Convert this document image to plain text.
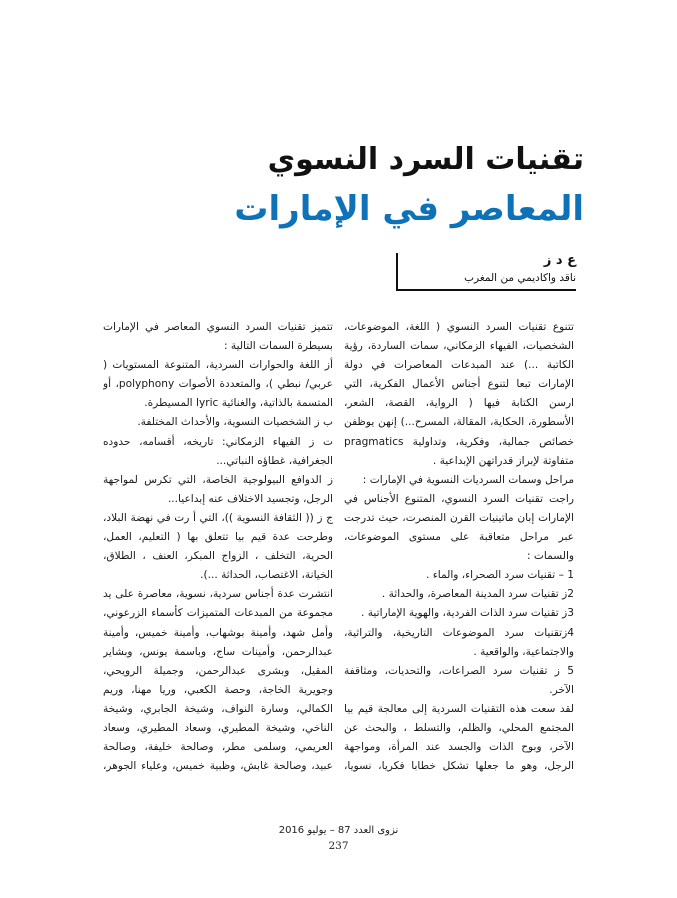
تقنيات السرد النسوي
المعاصر في الإمارات
ع د ز
ناقد واكاديمي من المغرب

تتنوع تقنيات السرد النسوي ( اللغة، الموضوعات، الشخصيات، الفيهاء الزمكاني، سمات الساردة، رؤية الكاتبة ...) عند المبدعات المعاصرات في دولة الإمارات تبعا لتنوع أجناس الأعمال الفكرية، التي ارسن الكتابة فيها ( الرواية، القصة، الشعر، الأسطورة، الحكاية، المقالة، المسرح...) إنهن يوظفن خصائص جمالية، وفكرية، وتداولية pragmatics متفاوتة لإبراز قدراتهن الإبداعية .

مراحل وسمات السرديات النسوية في الإمارات :

راجت تقنيات السرد النسوي، المتنوع الأجناس في الإمارات إبان ماتينيات القرن المنصرت، حيث تدرجت عبر مراحل متعاقبة على مستوى الموضوعات، والسمات :

1 – تقنيات سرد الصحراء، والماء .

2ز تقنيات سرد المدينة المعاصرة، والحداثة .

3ز تقنيات سرد الذات الفردية، والهوية الإماراتية .

4زتقنيات سرد الموضوعات التاريخية، والتراثية، والاجتماعية، والواقعية .

5 ز تقنيات سرد الصراعات، والتحديات، ومثاقفة الآخر.

لقد سعت هذه التقنيات السردية إلى معالجة قيم بيا المجتمع المحلي، والظلم، والتسلط ، والبحث عن الآخر، وبوح الذات والجسد عند المرأة، ومواجهة الرجل، وهو ما جعلها تشكل خطابا فكريا، نسويا،

تتميز تقنيات السرد النسوي المعاصر في الإمارات بسيطرة السمات التالية :

أز اللغة والحوارات السردية، المتنوعة المستويات ( عربي/ نبطي )، والمتعددة الأصوات polyphony، أو المتسمة بالذاتية، والغنائية lyric المسيطرة.

ب ز الشخصيات النسوية، والأحداث المختلفة.

ت ز الفيهاء الزمكاني: تاريخه، أقسامه، حدوده الجغرافية، غطاؤه النباتي...

ز الدوافع البيولوجية الخاصة، التي تكرس لمواجهة الرجل، وتجسيد الاختلاف عنه إبداعيا...

ج ز (( الثقافة النسوية ))، التي أ رت في نهضة البلاد، وطرحت عدة قيم بيا تتعلق بها ( التعليم، العمل، الحرية، التخلف ، الزواج المبكر، العنف ، الطلاق، الخيانة، الاغتصاب، الحداثة ...).

انتشرت عدة أجناس سردية، نسوية، معاصرة على يد مجموعة من المبدعات المتميزات كأسماء الزرعوني، وأمل شهد، وأمينة بوشهاب، وأمينة خميس، وأمينة عبدالرحمن، وأمينات ساج، وباسمة يونس، وبشاير المقيل، وبشرى عبدالرحمن، وجميلة الرويحي، وجويرية الخاجة، وحصة الكعبي، وريا مهنا، وريم الكمالي، وسارة النواف، وشيخة الجابري، وشيخة الناخي، وشيخة المطيري، وسعاد المطيري، وسعاد العريمي، وسلمى مطر، وصالحة خليفة، وصالحة عبيد، وصالحة غابش، وظبية خميس، وعلياء الجوهر،

نزوى العدد 87 – يوليو 2016
237
